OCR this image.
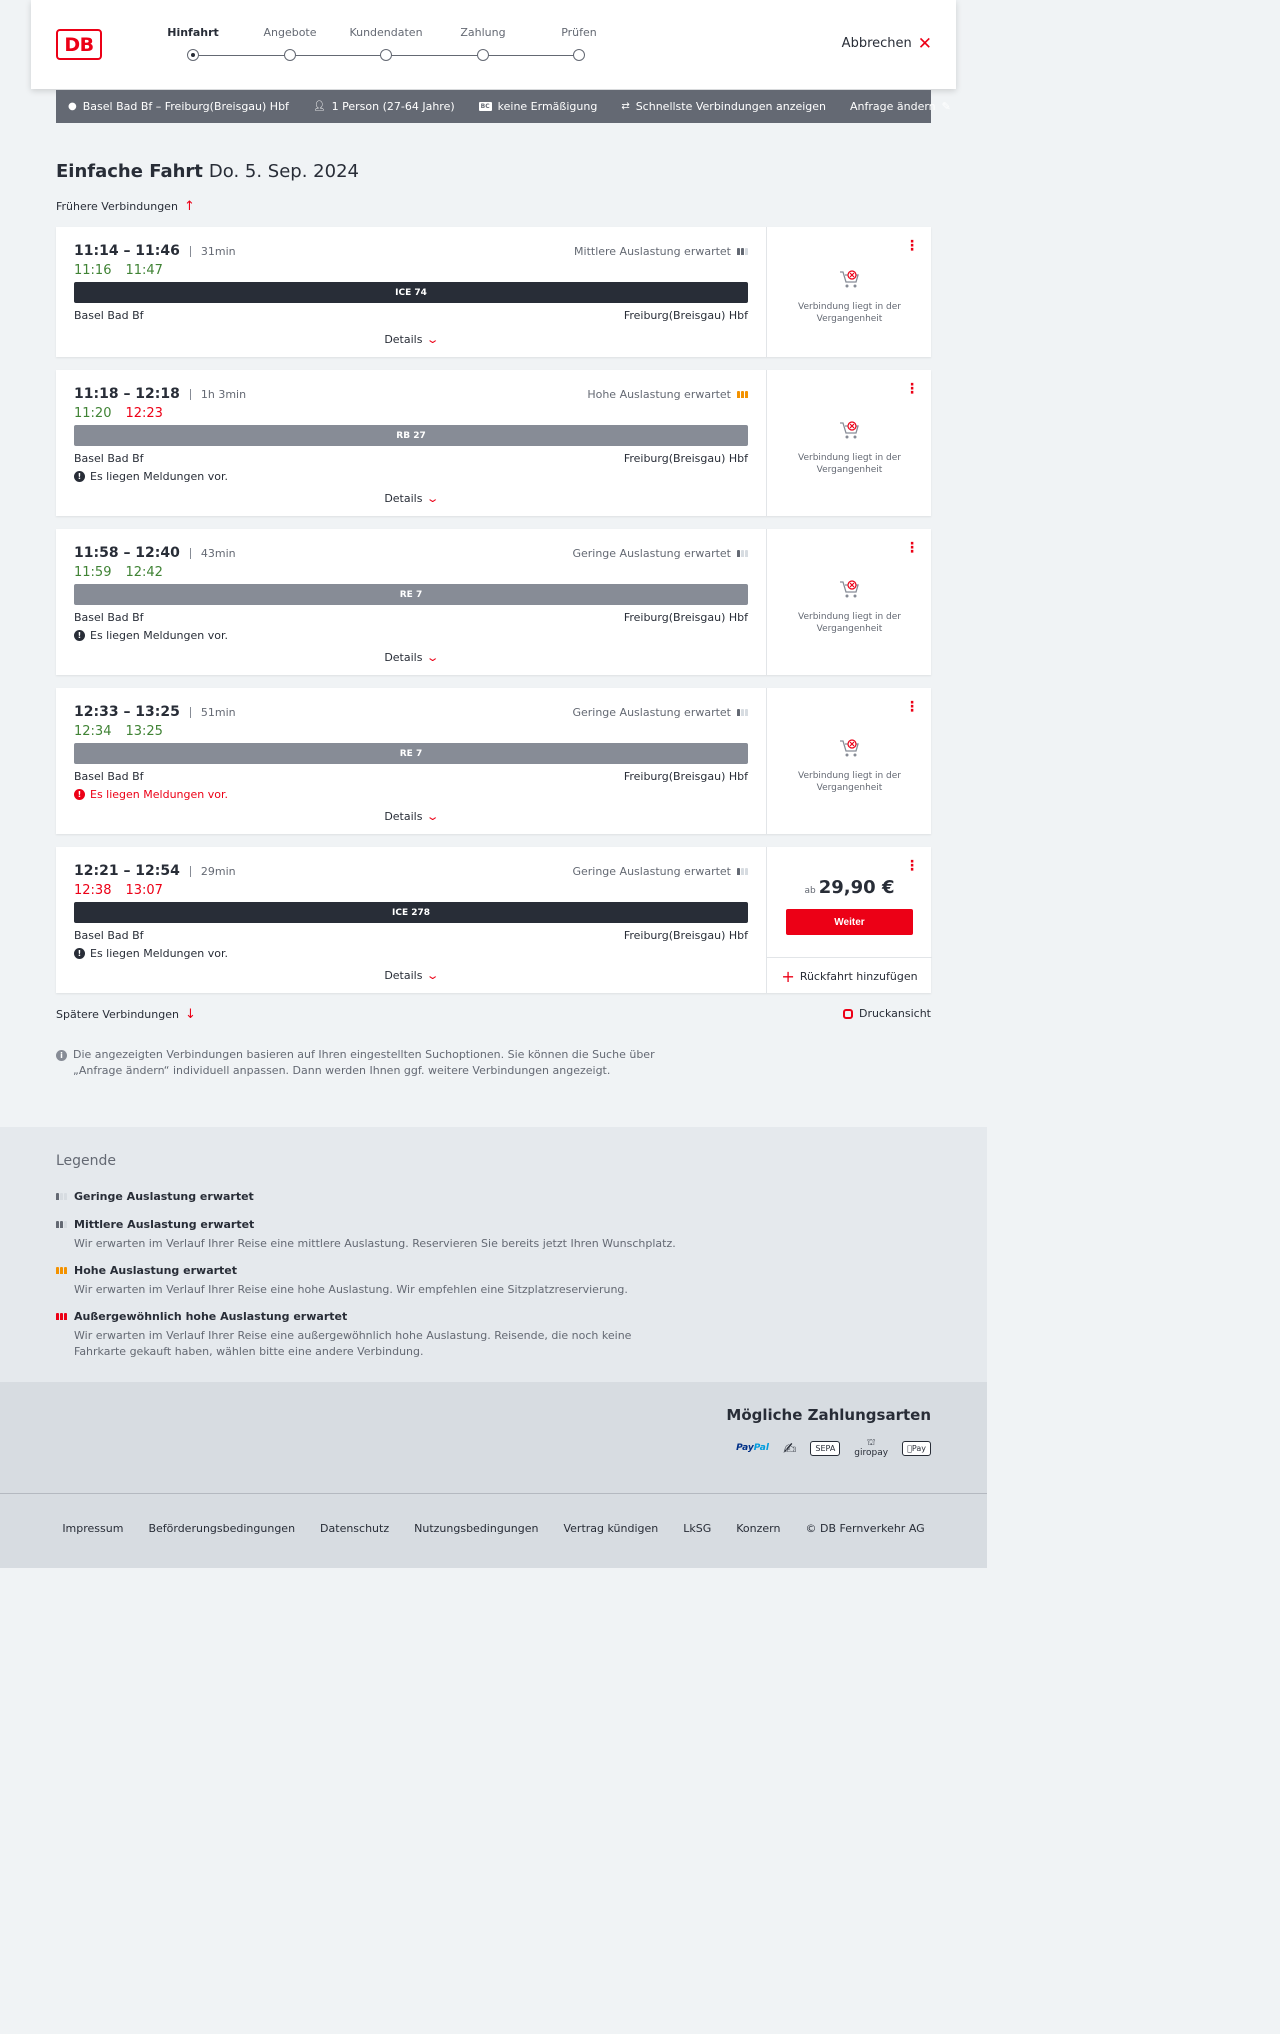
DB
Hinfahrt	Angebote	Kundendaten	Zahlung	Prüfen
Abbrechen ✕
● Basel Bad Bf – Freiburg(Breisgau) Hbf 👤︎ 1 Person (27-64 Jahre)	BC keine Ermäßigung ⇄ Schnellste Verbindungen anzeigen Anfrage ändern ✎
Einfache Fahrt Do. 5. Sep. 2024
Frühere Verbindungen ↑
11:14 – 11:46	31min
11:16 11:47
Mittlere Auslastung erwartet
ICE 74
Basel Bad Bf	Freiburg(Breisgau) Hbf
Details ⌄
⋮
Verbindung liegt in der Vergangenheit
11:18 – 12:18	1h 3min
11:20 12:23
Hohe Auslastung erwartet
RB 27
Basel Bad Bf	Freiburg(Breisgau) Hbf
! Es liegen Meldungen vor.
Details ⌄
⋮
Verbindung liegt in der Vergangenheit
11:58 – 12:40	43min
11:59 12:42
Geringe Auslastung erwartet
RE 7
Basel Bad Bf	Freiburg(Breisgau) Hbf
! Es liegen Meldungen vor.
Details ⌄
⋮
Verbindung liegt in der Vergangenheit
12:33 – 13:25	51min
12:34 13:25
Geringe Auslastung erwartet
RE 7
Basel Bad Bf	Freiburg(Breisgau) Hbf
! Es liegen Meldungen vor.
Details ⌄
⋮
Verbindung liegt in der Vergangenheit
12:21 – 12:54	29min
12:38 13:07
Geringe Auslastung erwartet
ICE 278
Basel Bad Bf	Freiburg(Breisgau) Hbf
! Es liegen Meldungen vor.
Details ⌄
⋮
ab 29,90 €
Weiter
+ Rückfahrt hinzufügen
Spätere Verbindungen ↓	Druckansicht
i Die angezeigten Verbindungen basieren auf Ihren eingestellten Suchoptionen. Sie können die Suche über „Anfrage ändern“ individuell anpassen. Dann werden Ihnen ggf. weitere Verbindungen angezeigt.
Legende
Geringe Auslastung erwartet
Mittlere Auslastung erwartet
Wir erwarten im Verlauf Ihrer Reise eine mittlere Auslastung. Reservieren Sie bereits jetzt Ihren Wunschplatz.
Hohe Auslastung erwartet
Wir erwarten im Verlauf Ihrer Reise eine hohe Auslastung. Wir empfehlen eine Sitzplatzreservierung.
Außergewöhnlich hohe Auslastung erwartet
Wir erwarten im Verlauf Ihrer Reise eine außergewöhnlich hohe Auslastung. Reisende, die noch keine Fahrkarte gekauft haben, wählen bitte eine andere Verbindung.
Mögliche Zahlungsarten
PayPal ✍︎	SEPA	⛫
giropay	Pay
Impressum Beförderungsbedingungen Datenschutz Nutzungsbedingungen Vertrag kündigen LkSG Konzern © DB Fernverkehr AG
